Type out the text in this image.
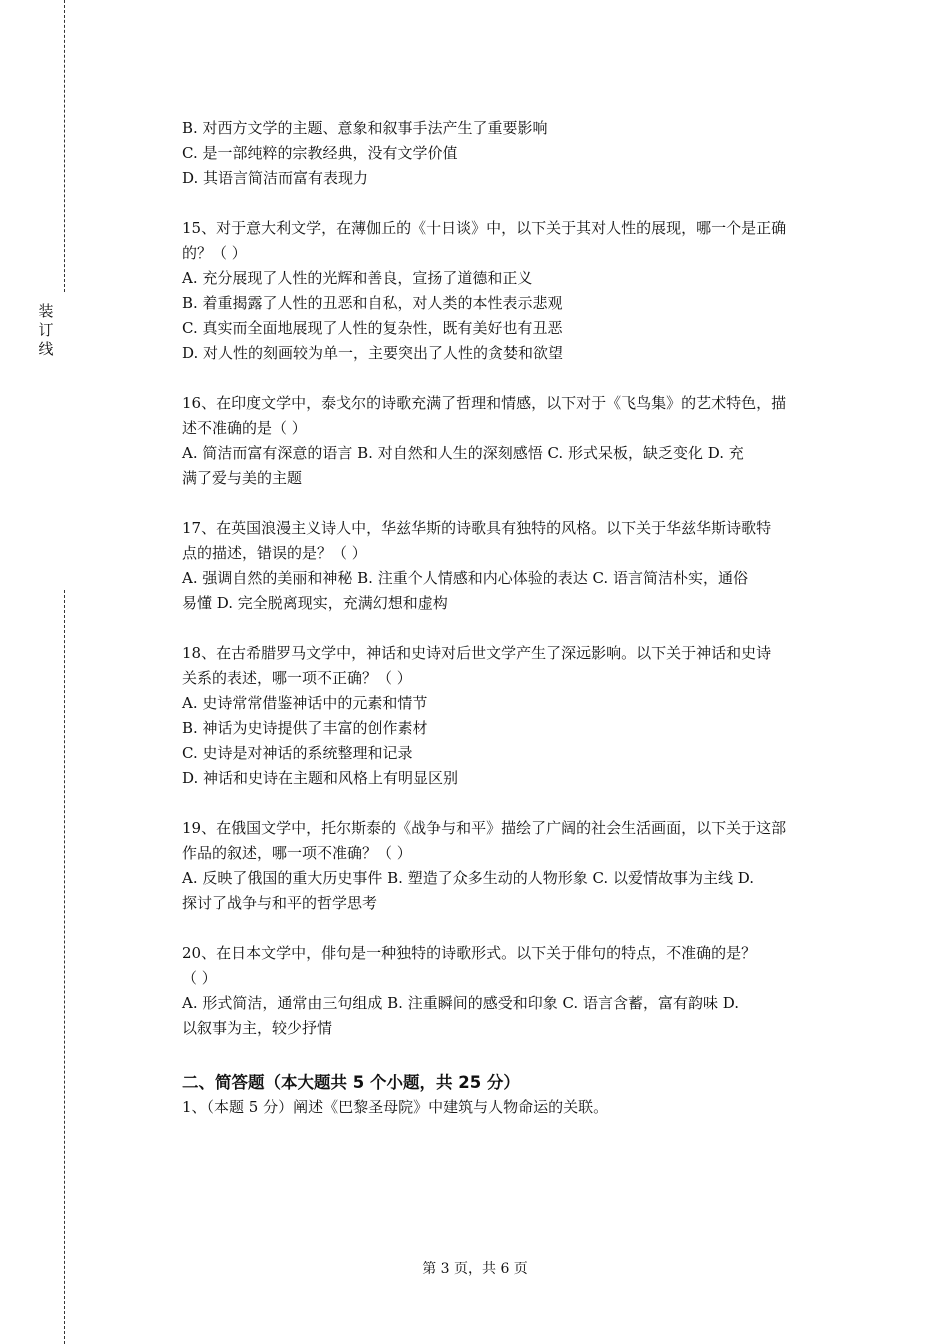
装
订
线
B. 对西方文学的主题、意象和叙事手法产生了重要影响
C. 是一部纯粹的宗教经典，没有文学价值
D. 其语言简洁而富有表现力
15、对于意大利文学，在薄伽丘的《十日谈》中，以下关于其对人性的展现，哪一个是正确
的？（ ）
A. 充分展现了人性的光辉和善良，宣扬了道德和正义
B. 着重揭露了人性的丑恶和自私，对人类的本性表示悲观
C. 真实而全面地展现了人性的复杂性，既有美好也有丑恶
D. 对人性的刻画较为单一，主要突出了人性的贪婪和欲望
16、在印度文学中，泰戈尔的诗歌充满了哲理和情感，以下对于《飞鸟集》的艺术特色，描
述不准确的是（ ）
A. 简洁而富有深意的语言 B. 对自然和人生的深刻感悟 C. 形式呆板，缺乏变化 D. 充
满了爱与美的主题
17、在英国浪漫主义诗人中，华兹华斯的诗歌具有独特的风格。以下关于华兹华斯诗歌特
点的描述，错误的是？（ ）
A. 强调自然的美丽和神秘 B. 注重个人情感和内心体验的表达 C. 语言简洁朴实，通俗
易懂 D. 完全脱离现实，充满幻想和虚构
18、在古希腊罗马文学中，神话和史诗对后世文学产生了深远影响。以下关于神话和史诗
关系的表述，哪一项不正确？（ ）
A. 史诗常常借鉴神话中的元素和情节
B. 神话为史诗提供了丰富的创作素材
C. 史诗是对神话的系统整理和记录
D. 神话和史诗在主题和风格上有明显区别
19、在俄国文学中，托尔斯泰的《战争与和平》描绘了广阔的社会生活画面，以下关于这部
作品的叙述，哪一项不准确？（ ）
A. 反映了俄国的重大历史事件 B. 塑造了众多生动的人物形象 C. 以爱情故事为主线 D.
探讨了战争与和平的哲学思考
20、在日本文学中，俳句是一种独特的诗歌形式。以下关于俳句的特点，不准确的是？
（ ）
A. 形式简洁，通常由三句组成 B. 注重瞬间的感受和印象 C. 语言含蓄，富有韵味 D.
以叙事为主，较少抒情
二、简答题（本大题共 5 个小题，共 25 分）
1、（本题 5 分）阐述《巴黎圣母院》中建筑与人物命运的关联。
第 3 页，共 6 页
